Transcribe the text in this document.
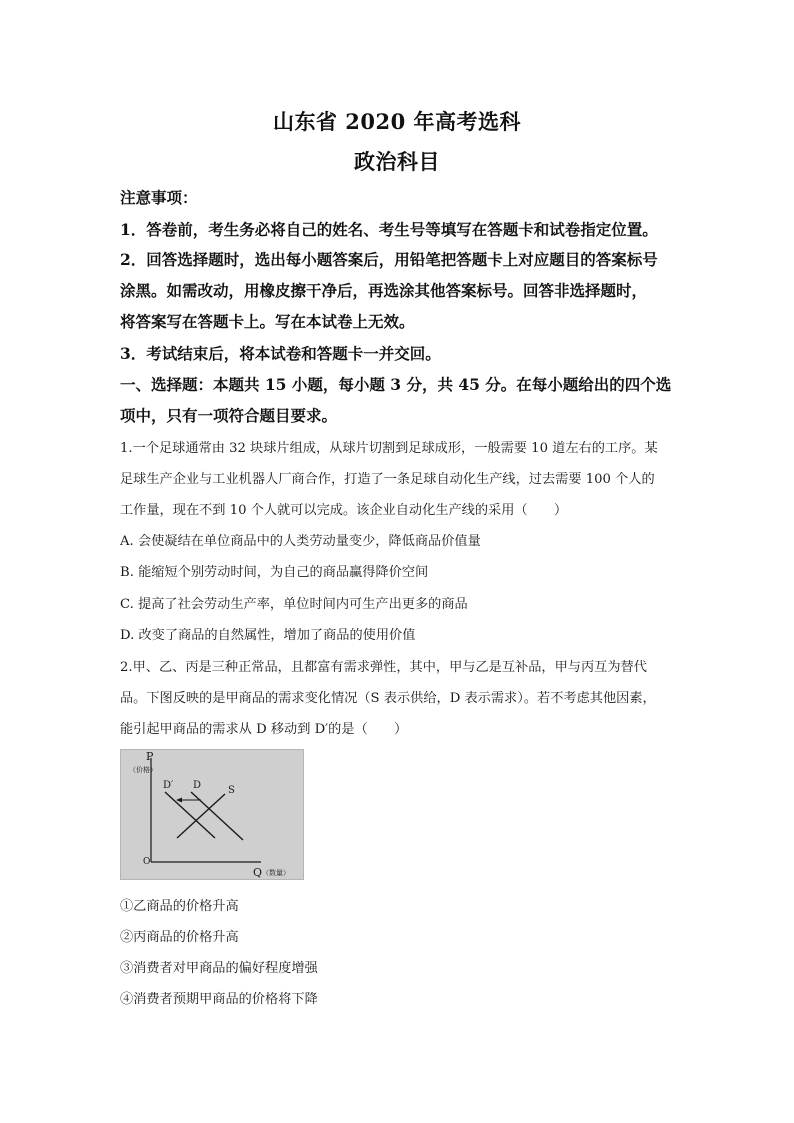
山东省 2020 年高考选科
政治科目
注意事项：
1．答卷前，考生务必将自己的姓名、考生号等填写在答题卡和试卷指定位置。
2．回答选择题时，选出每小题答案后，用铅笔把答题卡上对应题目的答案标号
涂黑。如需改动，用橡皮擦干净后，再选涂其他答案标号。回答非选择题时，
将答案写在答题卡上。写在本试卷上无效。
3．考试结束后，将本试卷和答题卡一并交回。
一、选择题：本题共 15 小题，每小题 3 分，共 45 分。在每小题给出的四个选
项中，只有一项符合题目要求。
1.一个足球通常由 32 块球片组成，从球片切割到足球成形，一般需要 10 道左右的工序。某
足球生产企业与工业机器人厂商合作，打造了一条足球自动化生产线，过去需要 100 个人的
工作量，现在不到 10 个人就可以完成。该企业自动化生产线的采用（　　）
A. 会使凝结在单位商品中的人类劳动量变少，降低商品价值量
B. 能缩短个别劳动时间，为自己的商品赢得降价空间
C. 提高了社会劳动生产率，单位时间内可生产出更多的商品
D. 改变了商品的自然属性，增加了商品的使用价值
2.甲、乙、丙是三种正常品，且都富有需求弹性，其中，甲与乙是互补品，甲与丙互为替代
品。下图反映的是甲商品的需求变化情况（S 表示供给，D 表示需求）。若不考虑其他因素，
能引起甲商品的需求从 D 移动到 D′的是（　　）
P
（价格）
O
Q （数量）
D′ D	S
①乙商品的价格升高
②丙商品的价格升高
③消费者对甲商品的偏好程度增强
④消费者预期甲商品的价格将下降
